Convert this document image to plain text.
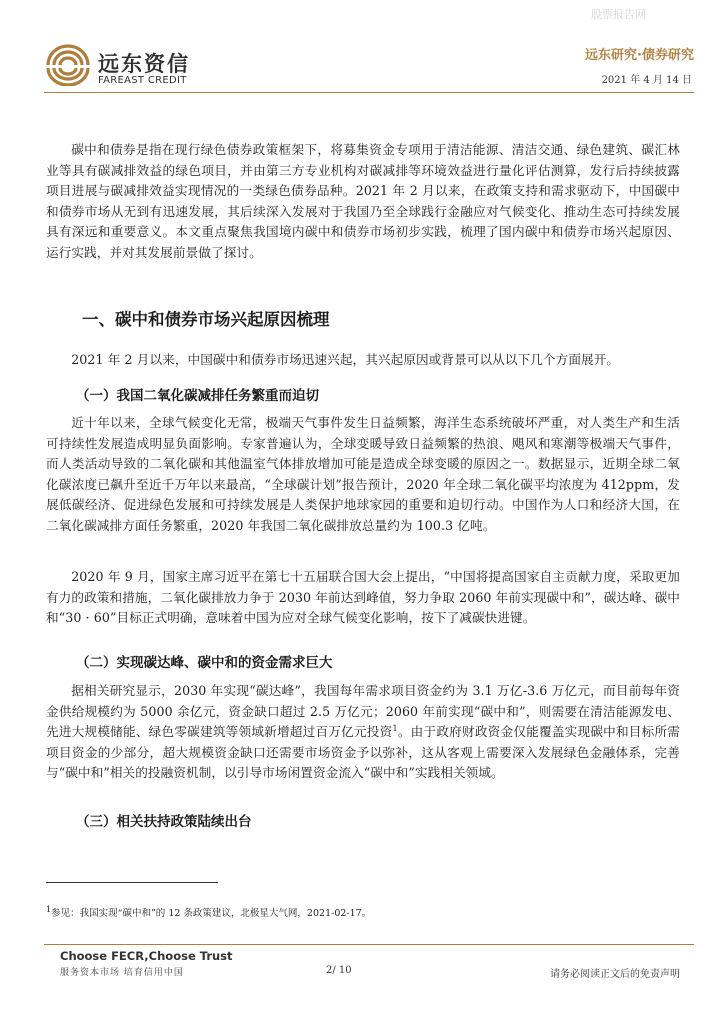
股票报告网
远东资信
FAREAST CREDIT
远东研究·债券研究
2021 年 4 月 14 日

碳中和债券是指在现行绿色债券政策框架下，将募集资金专项用于清洁能源、清洁交通、绿色建筑、碳汇林业等具有碳减排效益的绿色项目，并由第三方专业机构对碳减排等环境效益进行量化评估测算，发行后持续披露项目进展与碳减排效益实现情况的一类绿色债券品种。2021 年 2 月以来，在政策支持和需求驱动下，中国碳中和债券市场从无到有迅速发展，其后续深入发展对于我国乃至全球践行金融应对气候变化、推动生态可持续发展具有深远和重要意义。本文重点聚焦我国境内碳中和债券市场初步实践，梳理了国内碳中和债券市场兴起原因、运行实践，并对其发展前景做了探讨。

一、碳中和债券市场兴起原因梳理

2021 年 2 月以来，中国碳中和债券市场迅速兴起，其兴起原因或背景可以从以下几个方面展开。

（一）我国二氧化碳减排任务繁重而迫切

近十年以来，全球气候变化无常，极端天气事件发生日益频繁，海洋生态系统破坏严重，对人类生产和生活可持续性发展造成明显负面影响。专家普遍认为，全球变暖导致日益频繁的热浪、飓风和寒潮等极端天气事件，而人类活动导致的二氧化碳和其他温室气体排放增加可能是造成全球变暖的原因之一。数据显示，近期全球二氧化碳浓度已飙升至近千万年以来最高，“全球碳计划”报告预计，2020 年全球二氧化碳平均浓度为 412ppm，发展低碳经济、促进绿色发展和可持续发展是人类保护地球家园的重要和迫切行动。中国作为人口和经济大国，在二氧化碳减排方面任务繁重，2020 年我国二氧化碳排放总量约为 100.3 亿吨。

2020 年 9 月，国家主席习近平在第七十五届联合国大会上提出，“中国将提高国家自主贡献力度，采取更加有力的政策和措施，二氧化碳排放力争于 2030 年前达到峰值，努力争取 2060 年前实现碳中和”，碳达峰、碳中和“30 · 60”目标正式明确，意味着中国为应对全球气候变化影响，按下了减碳快进键。

（二）实现碳达峰、碳中和的资金需求巨大

据相关研究显示，2030 年实现“碳达峰”，我国每年需求项目资金约为 3.1 万亿-3.6 万亿元，而目前每年资金供给规模约为 5000 余亿元，资金缺口超过 2.5 万亿元；2060 年前实现“碳中和”，则需要在清洁能源发电、先进大规模储能、绿色零碳建筑等领域新增超过百万亿元投资$^1$。由于政府财政资金仅能覆盖实现碳中和目标所需项目资金的少部分，超大规模资金缺口还需要市场资金予以弥补，这从客观上需要深入发展绿色金融体系，完善与“碳中和”相关的投融资机制，以引导市场闲置资金流入“碳中和”实践相关领域。

（三）相关扶持政策陆续出台
$^1$参见：我国实现“碳中和”的 12 条政策建议，北极星大气网，2021-02-17。
Choose FECR,Choose Trust
服务资本市场 培育信用中国	2/ 10	请务必阅读正文后的免责声明
